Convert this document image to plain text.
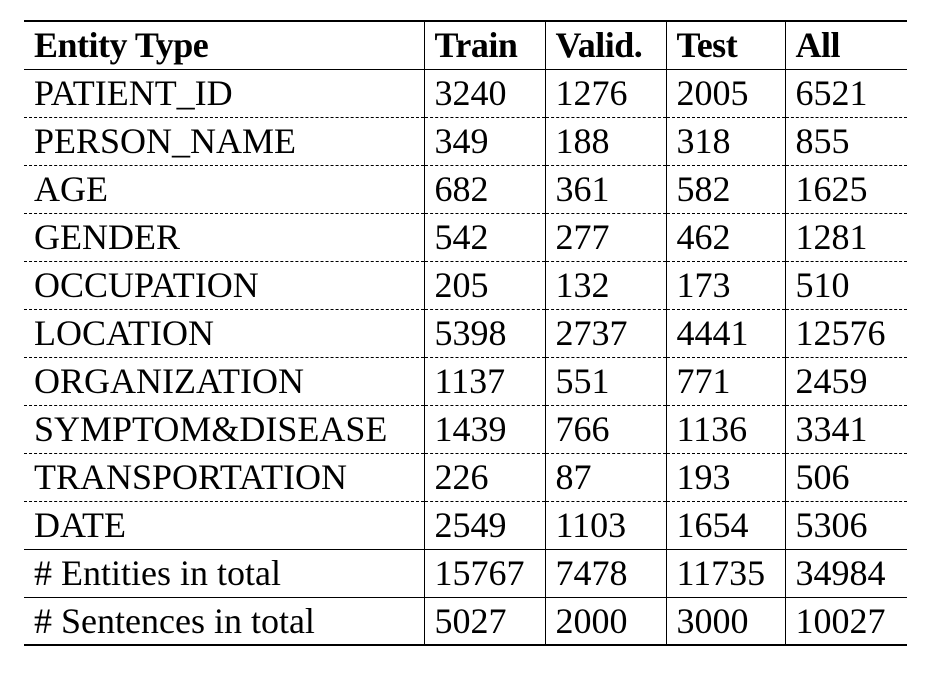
Entity Type	Train	Valid.	Test	All
PATIENT_ID	3240	1276	2005	6521
PERSON_NAME	349	188	318	855
AGE	682	361	582	1625
GENDER	542	277	462	1281
OCCUPATION	205	132	173	510
LOCATION	5398	2737	4441	12576
ORGANIZATION	1137	551	771	2459
SYMPTOM&DISEASE	1439	766	1136	3341
TRANSPORTATION	226	87	193	506
DATE	2549	1103	1654	5306
# Entities in total	15767	7478	11735	34984
# Sentences in total	5027	2000	3000	10027
